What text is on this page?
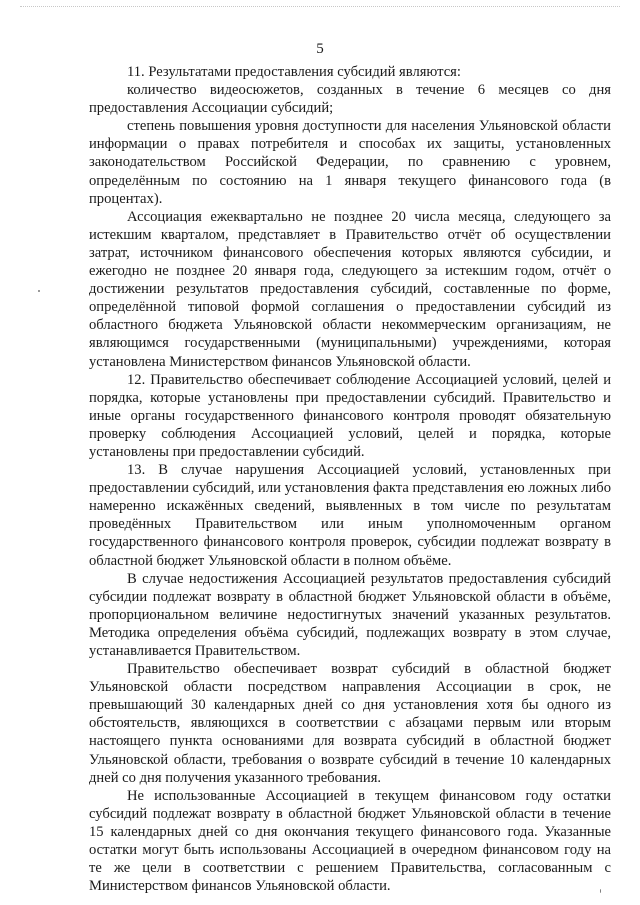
5

11. Результатами предоставления субсидий являются:

количество видеосюжетов, созданных в течение 6 месяцев со дня предоставления Ассоциации субсидий;

степень повышения уровня доступности для населения Ульяновской области информации о правах потребителя и способах их защиты, установленных законодательством Российской Федерации, по сравнению с уровнем, определённым по состоянию на 1 января текущего финансового года (в процентах).

Ассоциация ежеквартально не позднее 20 числа месяца, следующего за истекшим кварталом, представляет в Правительство отчёт об осуществлении затрат, источником финансового обеспечения которых являются субсидии, и ежегодно не позднее 20 января года, следующего за истекшим годом, отчёт о достижении результатов предоставления субсидий, составленные по форме, определённой типовой формой соглашения о предоставлении субсидий из областного бюджета Ульяновской области некоммерческим организациям, не являющимся государственными (муниципальными) учреждениями, которая установлена Министерством финансов Ульяновской области.

12. Правительство обеспечивает соблюдение Ассоциацией условий, целей и порядка, которые установлены при предоставлении субсидий. Правительство и иные органы государственного финансового контроля проводят обязательную проверку соблюдения Ассоциацией условий, целей и порядка, которые установлены при предоставлении субсидий.

13. В случае нарушения Ассоциацией условий, установленных при предоставлении субсидий, или установления факта представления ею ложных либо намеренно искажённых сведений, выявленных в том числе по результатам проведённых Правительством или иным уполномоченным органом государственного финансового контроля проверок, субсидии подлежат возврату в областной бюджет Ульяновской области в полном объёме.

В случае недостижения Ассоциацией результатов предоставления субсидий субсидии подлежат возврату в областной бюджет Ульяновской области в объёме, пропорциональном величине недостигнутых значений указанных результатов. Методика определения объёма субсидий, подлежащих возврату в этом случае, устанавливается Правительством.

Правительство обеспечивает возврат субсидий в областной бюджет Ульяновской области посредством направления Ассоциации в срок, не превышающий 30 календарных дней со дня установления хотя бы одного из обстоятельств, являющихся в соответствии с абзацами первым или вторым настоящего пункта основаниями для возврата субсидий в областной бюджет Ульяновской области, требования о возврате субсидий в течение 10 календарных дней со дня получения указанного требования.

Не использованные Ассоциацией в текущем финансовом году остатки субсидий подлежат возврату в областной бюджет Ульяновской области в течение 15 календарных дней со дня окончания текущего финансового года. Указанные остатки могут быть использованы Ассоциацией в очередном финансовом году на те же цели в соответствии с решением Правительства, согласованным с Министерством финансов Ульяновской области.
